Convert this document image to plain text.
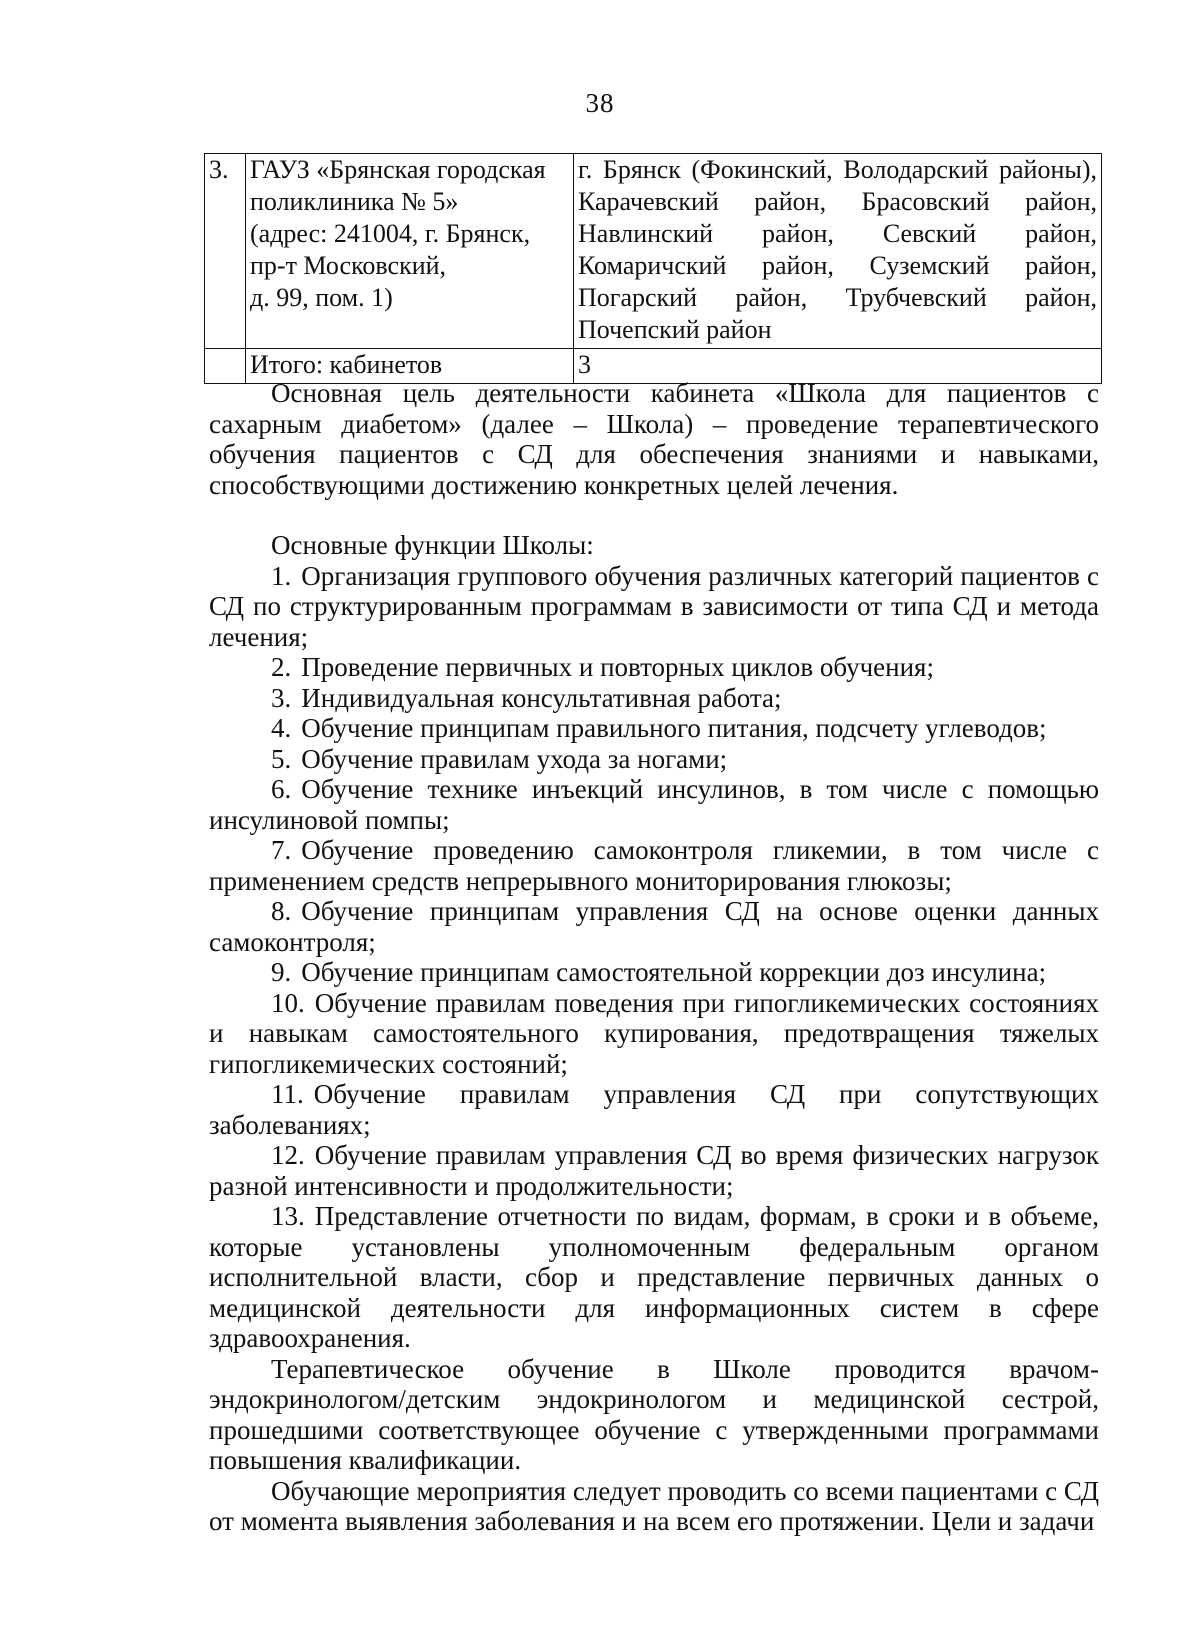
38
3.	ГАУЗ «Брянская городская
поликлиника № 5»
(адрес: 241004, г. Брянск,
пр-т Московский,
д. 99, пом. 1)	г. Брянск (Фокинский, Володарский районы), Карачевский район, Брасовский район, Навлинский район, Севский район, Комаричский район, Суземский район, Погарский район, Трубчевский район, Почепский район
	Итого: кабинетов	3

Основная цель деятельности кабинета «Школа для пациентов с сахарным диабетом» (далее – Школа) – проведение терапевтического обучения пациентов с СД для обеспечения знаниями и навыками, способствующими достижению конкретных целей лечения.

Основные функции Школы:

1. Организация группового обучения различных категорий пациентов с СД по структурированным программам в зависимости от типа СД и метода лечения;
2. Проведение первичных и повторных циклов обучения;
3. Индивидуальная консультативная работа;
4. Обучение принципам правильного питания, подсчету углеводов;
5. Обучение правилам ухода за ногами;
6. Обучение технике инъекций инсулинов, в том числе с помощью инсулиновой помпы;
7. Обучение проведению самоконтроля гликемии, в том числе с применением средств непрерывного мониторирования глюкозы;
8. Обучение принципам управления СД на основе оценки данных самоконтроля;
9. Обучение принципам самостоятельной коррекции доз инсулина;
10. Обучение правилам поведения при гипогликемических состояниях и навыкам самостоятельного купирования, предотвращения тяжелых гипогликемических состояний;
11. Обучение правилам управления СД при сопутствующих заболеваниях;
12. Обучение правилам управления СД во время физических нагрузок разной интенсивности и продолжительности;
13. Представление отчетности по видам, формам, в сроки и в объеме, которые установлены уполномоченным федеральным органом исполнительной власти, сбор и представление первичных данных о медицинской деятельности для информационных систем в сфере здравоохранения.

Терапевтическое обучение в Школе проводится врачом-эндокринологом/детским эндокринологом и медицинской сестрой, прошедшими соответствующее обучение с утвержденными программами повышения квалификации.

Обучающие мероприятия следует проводить со всеми пациентами с СД от момента выявления заболевания и на всем его протяжении. Цели и задачи
